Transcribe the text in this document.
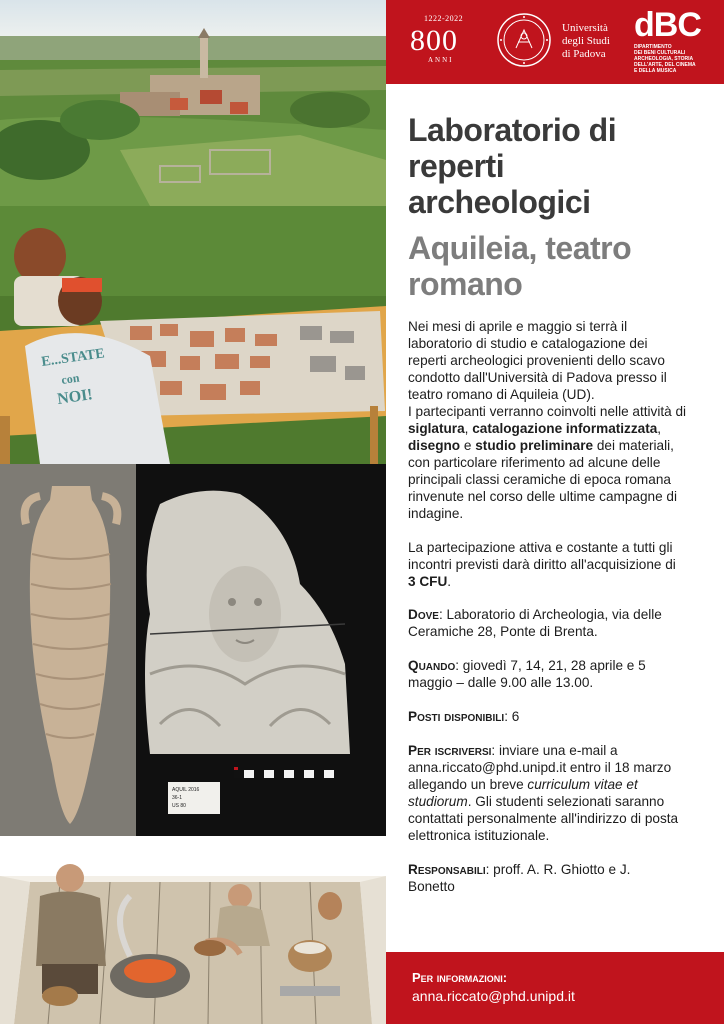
E...STATE
con
NOI!
AQUIL 2016
36-1
US 80
1222-2022
800
ANNI
Università
degli Studi
di Padova
dBC
DIPARTIMENTO
DEI BENI CULTURALI
ARCHEOLOGIA, STORIA
DELL'ARTE, DEL CINEMA
E DELLA MUSICA
Laboratorio di
reperti
archeologici
Aquileia, teatro
romano

Nei mesi di aprile e maggio si terrà il

laboratorio di studio e catalogazione dei

reperti archeologici provenienti dello scavo

condotto dall'Università di Padova presso il

teatro romano di Aquileia (UD).

I partecipanti verranno coinvolti nelle attività di

siglatura, catalogazione informatizzata,

disegno e studio preliminare dei materiali,

con particolare riferimento ad alcune delle

principali classi ceramiche di epoca romana

rinvenute nel corso delle ultime campagne di

indagine.

La partecipazione attiva e costante a tutti gli

incontri previsti darà diritto all'acquisizione di

3 CFU.

Dove: Laboratorio di Archeologia, via delle
Ceramiche 28, Ponte di Brenta.

Quando: giovedì 7, 14, 21, 28 aprile e 5
maggio – dalle 9.00 alle 13.00.

Posti disponibili: 6

Per iscriversi: inviare una e-mail a
anna.riccato@phd.unipd.it entro il 18 marzo
allegando un breve curriculum vitae et
studiorum. Gli studenti selezionati saranno
contattati personalmente all'indirizzo di posta
elettronica istituzionale.

Responsabili: proff. A. R. Ghiotto e J.
Bonetto

Per informazioni:
anna.riccato@phd.unipd.it
